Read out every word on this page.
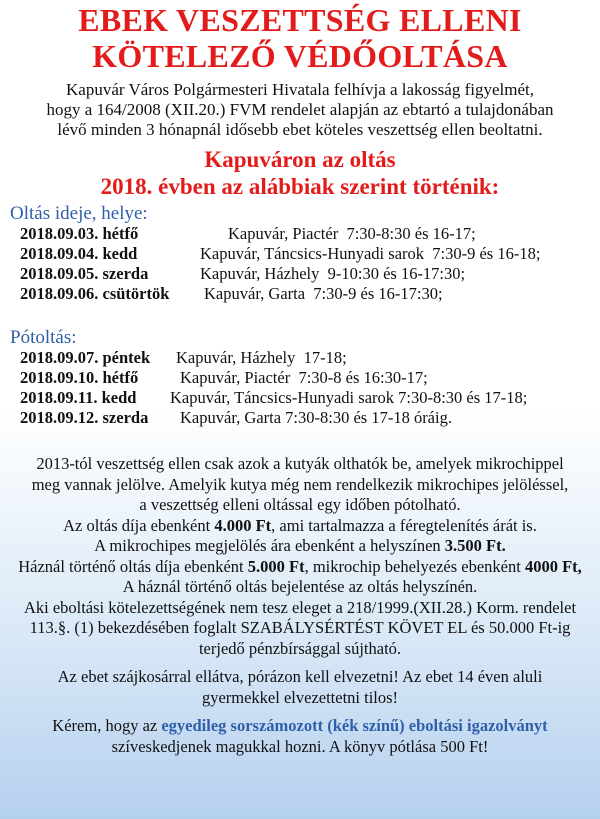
EBEK VESZETTSÉG ELLENI
KÖTELEZŐ VÉDŐOLTÁSA
Kapuvár Város Polgármesteri Hivatala felhívja a lakosság figyelmét,
hogy a 164/2008 (XII.20.) FVM rendelet alapján az ebtartó a tulajdonában
lévő minden 3 hónapnál idősebb ebet köteles veszettség ellen beoltatni.
Kapuváron az oltás
2018. évben az alábbiak szerint történik:
Oltás ideje, helye:
2018.09.03. hétfő	Kapuvár, Piactér  7:30-8:30 és 16-17;
2018.09.04. kedd	Kapuvár, Táncsics-Hunyadi sarok  7:30-9 és 16-18;
2018.09.05. szerda	Kapuvár, Házhely  9-10:30 és 16-17:30;
2018.09.06. csütörtök Kapuvár, Garta  7:30-9 és 16-17:30;
Pótoltás:
2018.09.07. péntek Kapuvár, Házhely  17-18;
2018.09.10. hétfő	Kapuvár, Piactér  7:30-8 és 16:30-17;
2018.09.11. kedd Kapuvár, Táncsics-Hunyadi sarok 7:30-8:30 és 17-18;
2018.09.12. szerda Kapuvár, Garta 7:30-8:30 és 17-18 óráig.
2013-tól veszettség ellen csak azok a kutyák olthatók be, amelyek mikrochippel
meg vannak jelölve. Amelyik kutya még nem rendelkezik mikrochipes jelöléssel,
a veszettség elleni oltással egy időben pótolható.
Az oltás díja ebenként 4.000 Ft, ami tartalmazza a féregtelenítés árát is.
A mikrochipes megjelölés ára ebenként a helyszínen 3.500 Ft.
Háznál történő oltás díja ebenként 5.000 Ft, mikrochip behelyezés ebenként 4000 Ft,
A háznál történő oltás bejelentése az oltás helyszínén.
Aki eboltási kötelezettségének nem tesz eleget a 218/1999.(XII.28.) Korm. rendelet
113.§. (1) bekezdésében foglalt SZABÁLYSÉRTÉST KÖVET EL és 50.000 Ft-ig
terjedő pénzbírsággal sújtható.
Az ebet szájkosárral ellátva, pórázon kell elvezetni! Az ebet 14 éven aluli
gyermekkel elvezettetni tilos!
Kérem, hogy az egyedileg sorszámozott (kék színű) eboltási igazolványt
szíveskedjenek magukkal hozni. A könyv pótlása 500 Ft!
